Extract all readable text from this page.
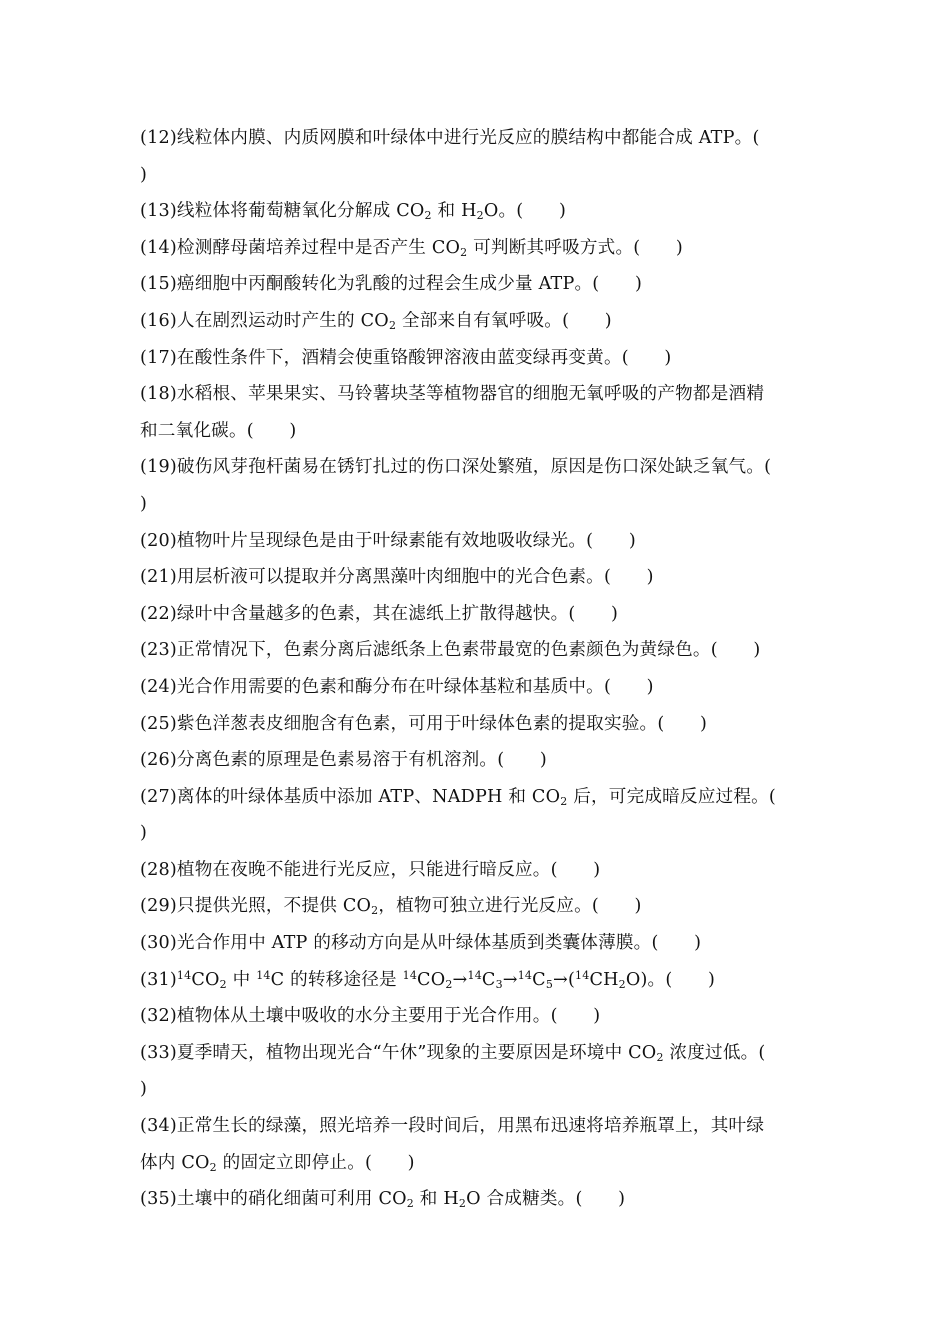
(12)线粒体内膜、内质网膜和叶绿体中进行光反应的膜结构中都能合成 ATP。(
)
(13)线粒体将葡萄糖氧化分解成 $CO_2$ 和 $H_2O$。(　　)
(14)检测酵母菌培养过程中是否产生 $CO_2$ 可判断其呼吸方式。(　　)
(15)癌细胞中丙酮酸转化为乳酸的过程会生成少量 ATP。(　　)
(16)人在剧烈运动时产生的 $CO_2$ 全部来自有氧呼吸。(　　)
(17)在酸性条件下，酒精会使重铬酸钾溶液由蓝变绿再变黄。(　　)
(18)水稻根、苹果果实、马铃薯块茎等植物器官的细胞无氧呼吸的产物都是酒精
和二氧化碳。(　　)
(19)破伤风芽孢杆菌易在锈钉扎过的伤口深处繁殖，原因是伤口深处缺乏氧气。(
)
(20)植物叶片呈现绿色是由于叶绿素能有效地吸收绿光。(　　)
(21)用层析液可以提取并分离黑藻叶肉细胞中的光合色素。(　　)
(22)绿叶中含量越多的色素，其在滤纸上扩散得越快。(　　)
(23)正常情况下，色素分离后滤纸条上色素带最宽的色素颜色为黄绿色。(　　)
(24)光合作用需要的色素和酶分布在叶绿体基粒和基质中。(　　)
(25)紫色洋葱表皮细胞含有色素，可用于叶绿体色素的提取实验。(　　)
(26)分离色素的原理是色素易溶于有机溶剂。(　　)
(27)离体的叶绿体基质中添加 ATP、NADPH 和 $CO_2$ 后，可完成暗反应过程。(
)
(28)植物在夜晚不能进行光反应，只能进行暗反应。(　　)
(29)只提供光照，不提供 $CO_2$，植物可独立进行光反应。(　　)
(30)光合作用中 ATP 的移动方向是从叶绿体基质到类囊体薄膜。(　　)
$(31)^{14}CO_2$ 中 $^{14}$C 的转移途径是 $^{14}CO_2\to^{14}C_3\to^{14}C_5\to(^{14}CH_2O)$。(　　)
(32)植物体从土壤中吸收的水分主要用于光合作用。(　　)
(33)夏季晴天，植物出现光合“午休”现象的主要原因是环境中 $CO_2$ 浓度过低。(
)
(34)正常生长的绿藻，照光培养一段时间后，用黑布迅速将培养瓶罩上，其叶绿
体内 $CO_2$ 的固定立即停止。(　　)
(35)土壤中的硝化细菌可利用 $CO_2$ 和 $H_2O$ 合成糖类。(　　)
